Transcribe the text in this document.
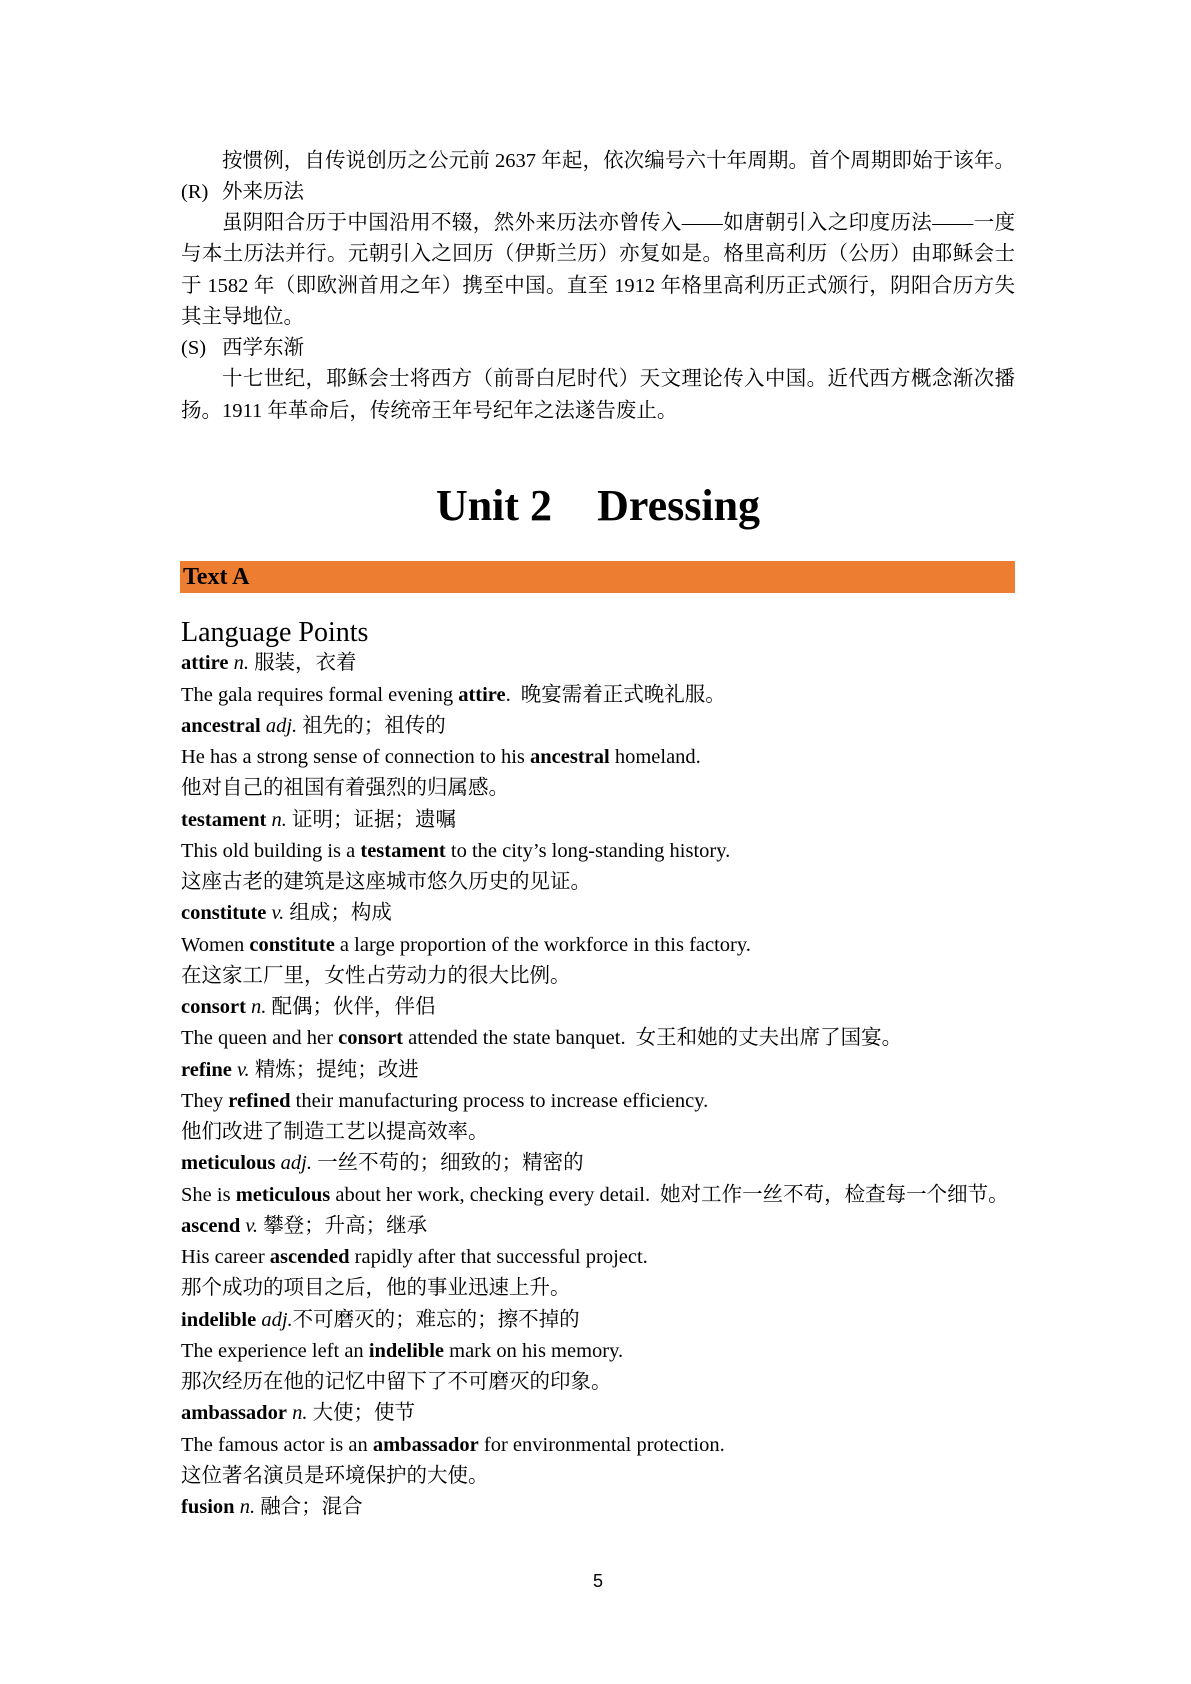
按惯例，自传说创历之公元前 2637 年起，依次编号六十年周期。首个周期即始于该年。
(R) 外来历法
虽阴阳合历于中国沿用不辍，然外来历法亦曾传入——如唐朝引入之印度历法——一度
与本土历法并行。元朝引入之回历（伊斯兰历）亦复如是。格里高利历（公历）由耶稣会士
于 1582 年（即欧洲首用之年）携至中国。直至 1912 年格里高利历正式颁行，阴阳合历方失
其主导地位。
(S) 西学东渐
十七世纪，耶稣会士将西方（前哥白尼时代）天文理论传入中国。近代西方概念渐次播
扬。1911 年革命后，传统帝王年号纪年之法遂告废止。
Unit 2 Dressing
Text A
Language Points
attire n. 服装，衣着
The gala requires formal evening attire. 晚宴需着正式晚礼服。
ancestral adj. 祖先的；祖传的
He has a strong sense of connection to his ancestral homeland.
他对自己的祖国有着强烈的归属感。
testament n. 证明；证据；遗嘱
This old building is a testament to the city’s long-standing history.
这座古老的建筑是这座城市悠久历史的见证。
constitute v. 组成；构成
Women constitute a large proportion of the workforce in this factory.
在这家工厂里，女性占劳动力的很大比例。
consort n. 配偶；伙伴，伴侣
The queen and her consort attended the state banquet. 女王和她的丈夫出席了国宴。
refine v. 精炼；提纯；改进
They refined their manufacturing process to increase efficiency.
他们改进了制造工艺以提高效率。
meticulous adj. 一丝不苟的；细致的；精密的
She is meticulous about her work, checking every detail. 她对工作一丝不苟，检查每一个细节。
ascend v. 攀登；升高；继承
His career ascended rapidly after that successful project.
那个成功的项目之后，他的事业迅速上升。
indelible adj.不可磨灭的；难忘的；擦不掉的
The experience left an indelible mark on his memory.
那次经历在他的记忆中留下了不可磨灭的印象。
ambassador n. 大使；使节
The famous actor is an ambassador for environmental protection.
这位著名演员是环境保护的大使。
fusion n. 融合；混合
5
